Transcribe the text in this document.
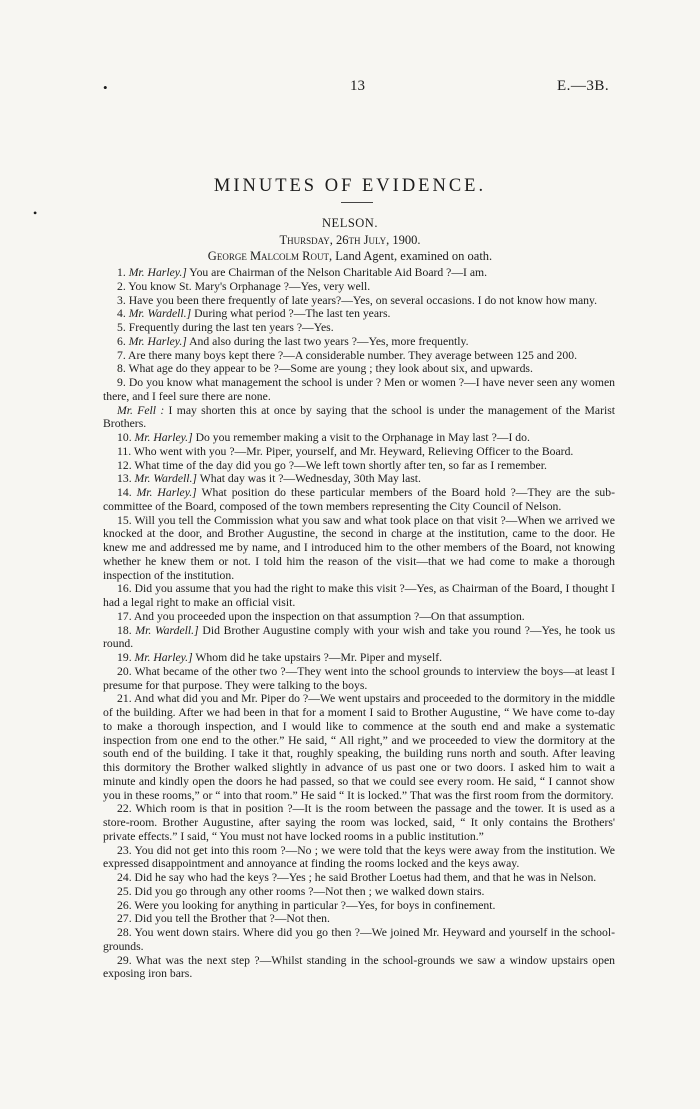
•	13	E.—3B.
•
MINUTES OF EVIDENCE.
NELSON.
Thursday, 26th July, 1900.
George Malcolm Rout, Land Agent, examined on oath.

1. Mr. Harley.] You are Chairman of the Nelson Charitable Aid Board ?—I am.

2. You know St. Mary's Orphanage ?—Yes, very well.

3. Have you been there frequently of late years?—Yes, on several occasions. I do not know how many.

4. Mr. Wardell.] During what period ?—The last ten years.

5. Frequently during the last ten years ?—Yes.

6. Mr. Harley.] And also during the last two years ?—Yes, more frequently.

7. Are there many boys kept there ?—A considerable number. They average between 125 and 200.

8. What age do they appear to be ?—Some are young ; they look about six, and upwards.

9. Do you know what management the school is under ? Men or women ?—I have never seen any women there, and I feel sure there are none.

Mr. Fell : I may shorten this at once by saying that the school is under the management of the Marist Brothers.

10. Mr. Harley.] Do you remember making a visit to the Orphanage in May last ?—I do.

11. Who went with you ?—Mr. Piper, yourself, and Mr. Heyward, Relieving Officer to the Board.

12. What time of the day did you go ?—We left town shortly after ten, so far as I remember.

13. Mr. Wardell.] What day was it ?—Wednesday, 30th May last.

14. Mr. Harley.] What position do these particular members of the Board hold ?—They are the sub-committee of the Board, composed of the town members representing the City Council of Nelson.

15. Will you tell the Commission what you saw and what took place on that visit ?—When we arrived we knocked at the door, and Brother Augustine, the second in charge at the institution, came to the door. He knew me and addressed me by name, and I introduced him to the other members of the Board, not knowing whether he knew them or not. I told him the reason of the visit—that we had come to make a thorough inspection of the institution.

16. Did you assume that you had the right to make this visit ?—Yes, as Chairman of the Board, I thought I had a legal right to make an official visit.

17. And you proceeded upon the inspection on that assumption ?—On that assumption.

18. Mr. Wardell.] Did Brother Augustine comply with your wish and take you round ?—Yes, he took us round.

19. Mr. Harley.] Whom did he take upstairs ?—Mr. Piper and myself.

20. What became of the other two ?—They went into the school grounds to interview the boys—at least I presume for that purpose. They were talking to the boys.

21. And what did you and Mr. Piper do ?—We went upstairs and proceeded to the dormitory in the middle of the building. After we had been in that for a moment I said to Brother Augustine, “ We have come to-day to make a thorough inspection, and I would like to commence at the south end and make a systematic inspection from one end to the other.” He said, “ All right,” and we proceeded to view the dormitory at the south end of the building. I take it that, roughly speaking, the building runs north and south. After leaving this dormitory the Brother walked slightly in advance of us past one or two doors. I asked him to wait a minute and kindly open the doors he had passed, so that we could see every room. He said, “ I cannot show you in these rooms,” or “ into that room.” He said “ It is locked.” That was the first room from the dormitory.

22. Which room is that in position ?—It is the room between the passage and the tower. It is used as a store-room. Brother Augustine, after saying the room was locked, said, “ It only contains the Brothers' private effects.” I said, “ You must not have locked rooms in a public institution.”

23. You did not get into this room ?—No ; we were told that the keys were away from the institution. We expressed disappointment and annoyance at finding the rooms locked and the keys away.

24. Did he say who had the keys ?—Yes ; he said Brother Loetus had them, and that he was in Nelson.

25. Did you go through any other rooms ?—Not then ; we walked down stairs.

26. Were you looking for anything in particular ?—Yes, for boys in confinement.

27. Did you tell the Brother that ?—Not then.

28. You went down stairs. Where did you go then ?—We joined Mr. Heyward and yourself in the school-grounds.

29. What was the next step ?—Whilst standing in the school-grounds we saw a window upstairs open exposing iron bars.
